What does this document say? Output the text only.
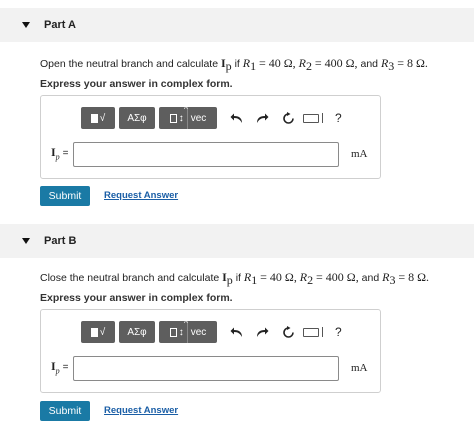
Part A
Open the neutral branch and calculate $I_p$ if $R_1 = 40$ Ω, $R_2 = 400$ Ω, and $R_3 = 8$ Ω.
Express your answer in complex form.
√	ΑΣφ
^
↕ vec	?
$I_p$ =	mA
Submit	Request Answer
Part B
Close the neutral branch and calculate $I_p$ if $R_1 = 40$ Ω, $R_2 = 400$ Ω, and $R_3 = 8$ Ω.
Express your answer in complex form.
√	ΑΣφ
^
↕ vec	?
$I_p$ =	mA
Submit	Request Answer
